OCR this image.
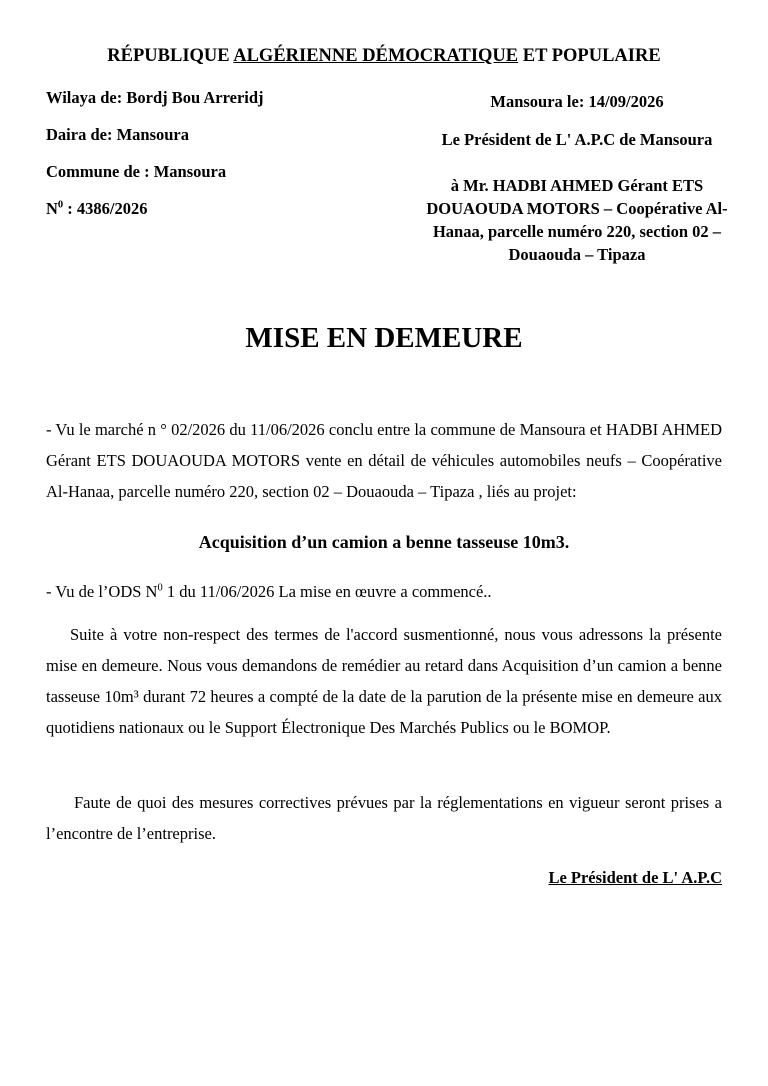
RÉPUBLIQUE ALGÉRIENNE DÉMOCRATIQUE ET POPULAIRE
Wilaya de: Bordj Bou Arreridj
Daira de: Mansoura
Commune de : Mansoura
$N^0$ : 4386/2026
Mansoura le: 14/09/2026
Le Président de L' A.P.C de Mansoura
à Mr. HADBI AHMED Gérant ETS DOUAOUDA MOTORS – Coopérative Al-Hanaa, parcelle numéro 220, section 02 – Douaouda – Tipaza
MISE EN DEMEURE
- Vu le marché n ° 02/2026 du 11/06/2026 conclu entre la commune de Mansoura et HADBI AHMED Gérant ETS DOUAOUDA MOTORS vente en détail de véhicules automobiles neufs – Coopérative Al-Hanaa, parcelle numéro 220, section 02 – Douaouda – Tipaza , liés au projet:
Acquisition d’un camion a benne tasseuse 10m3.
- Vu de l’ODS $N^0$ 1 du 11/06/2026 La mise en œuvre a commencé..
Suite à votre non-respect des termes de l'accord susmentionné, nous vous adressons la présente mise en demeure. Nous vous demandons de remédier au retard dans Acquisition d’un camion a benne tasseuse 10m³ durant 72 heures a compté de la date de la parution de la présente mise en demeure aux quotidiens nationaux ou le Support Électronique Des Marchés Publics ou le BOMOP.
Faute de quoi des mesures correctives prévues par la réglementations en vigueur seront prises a l’encontre de l’entreprise.
Le Président de L' A.P.C
